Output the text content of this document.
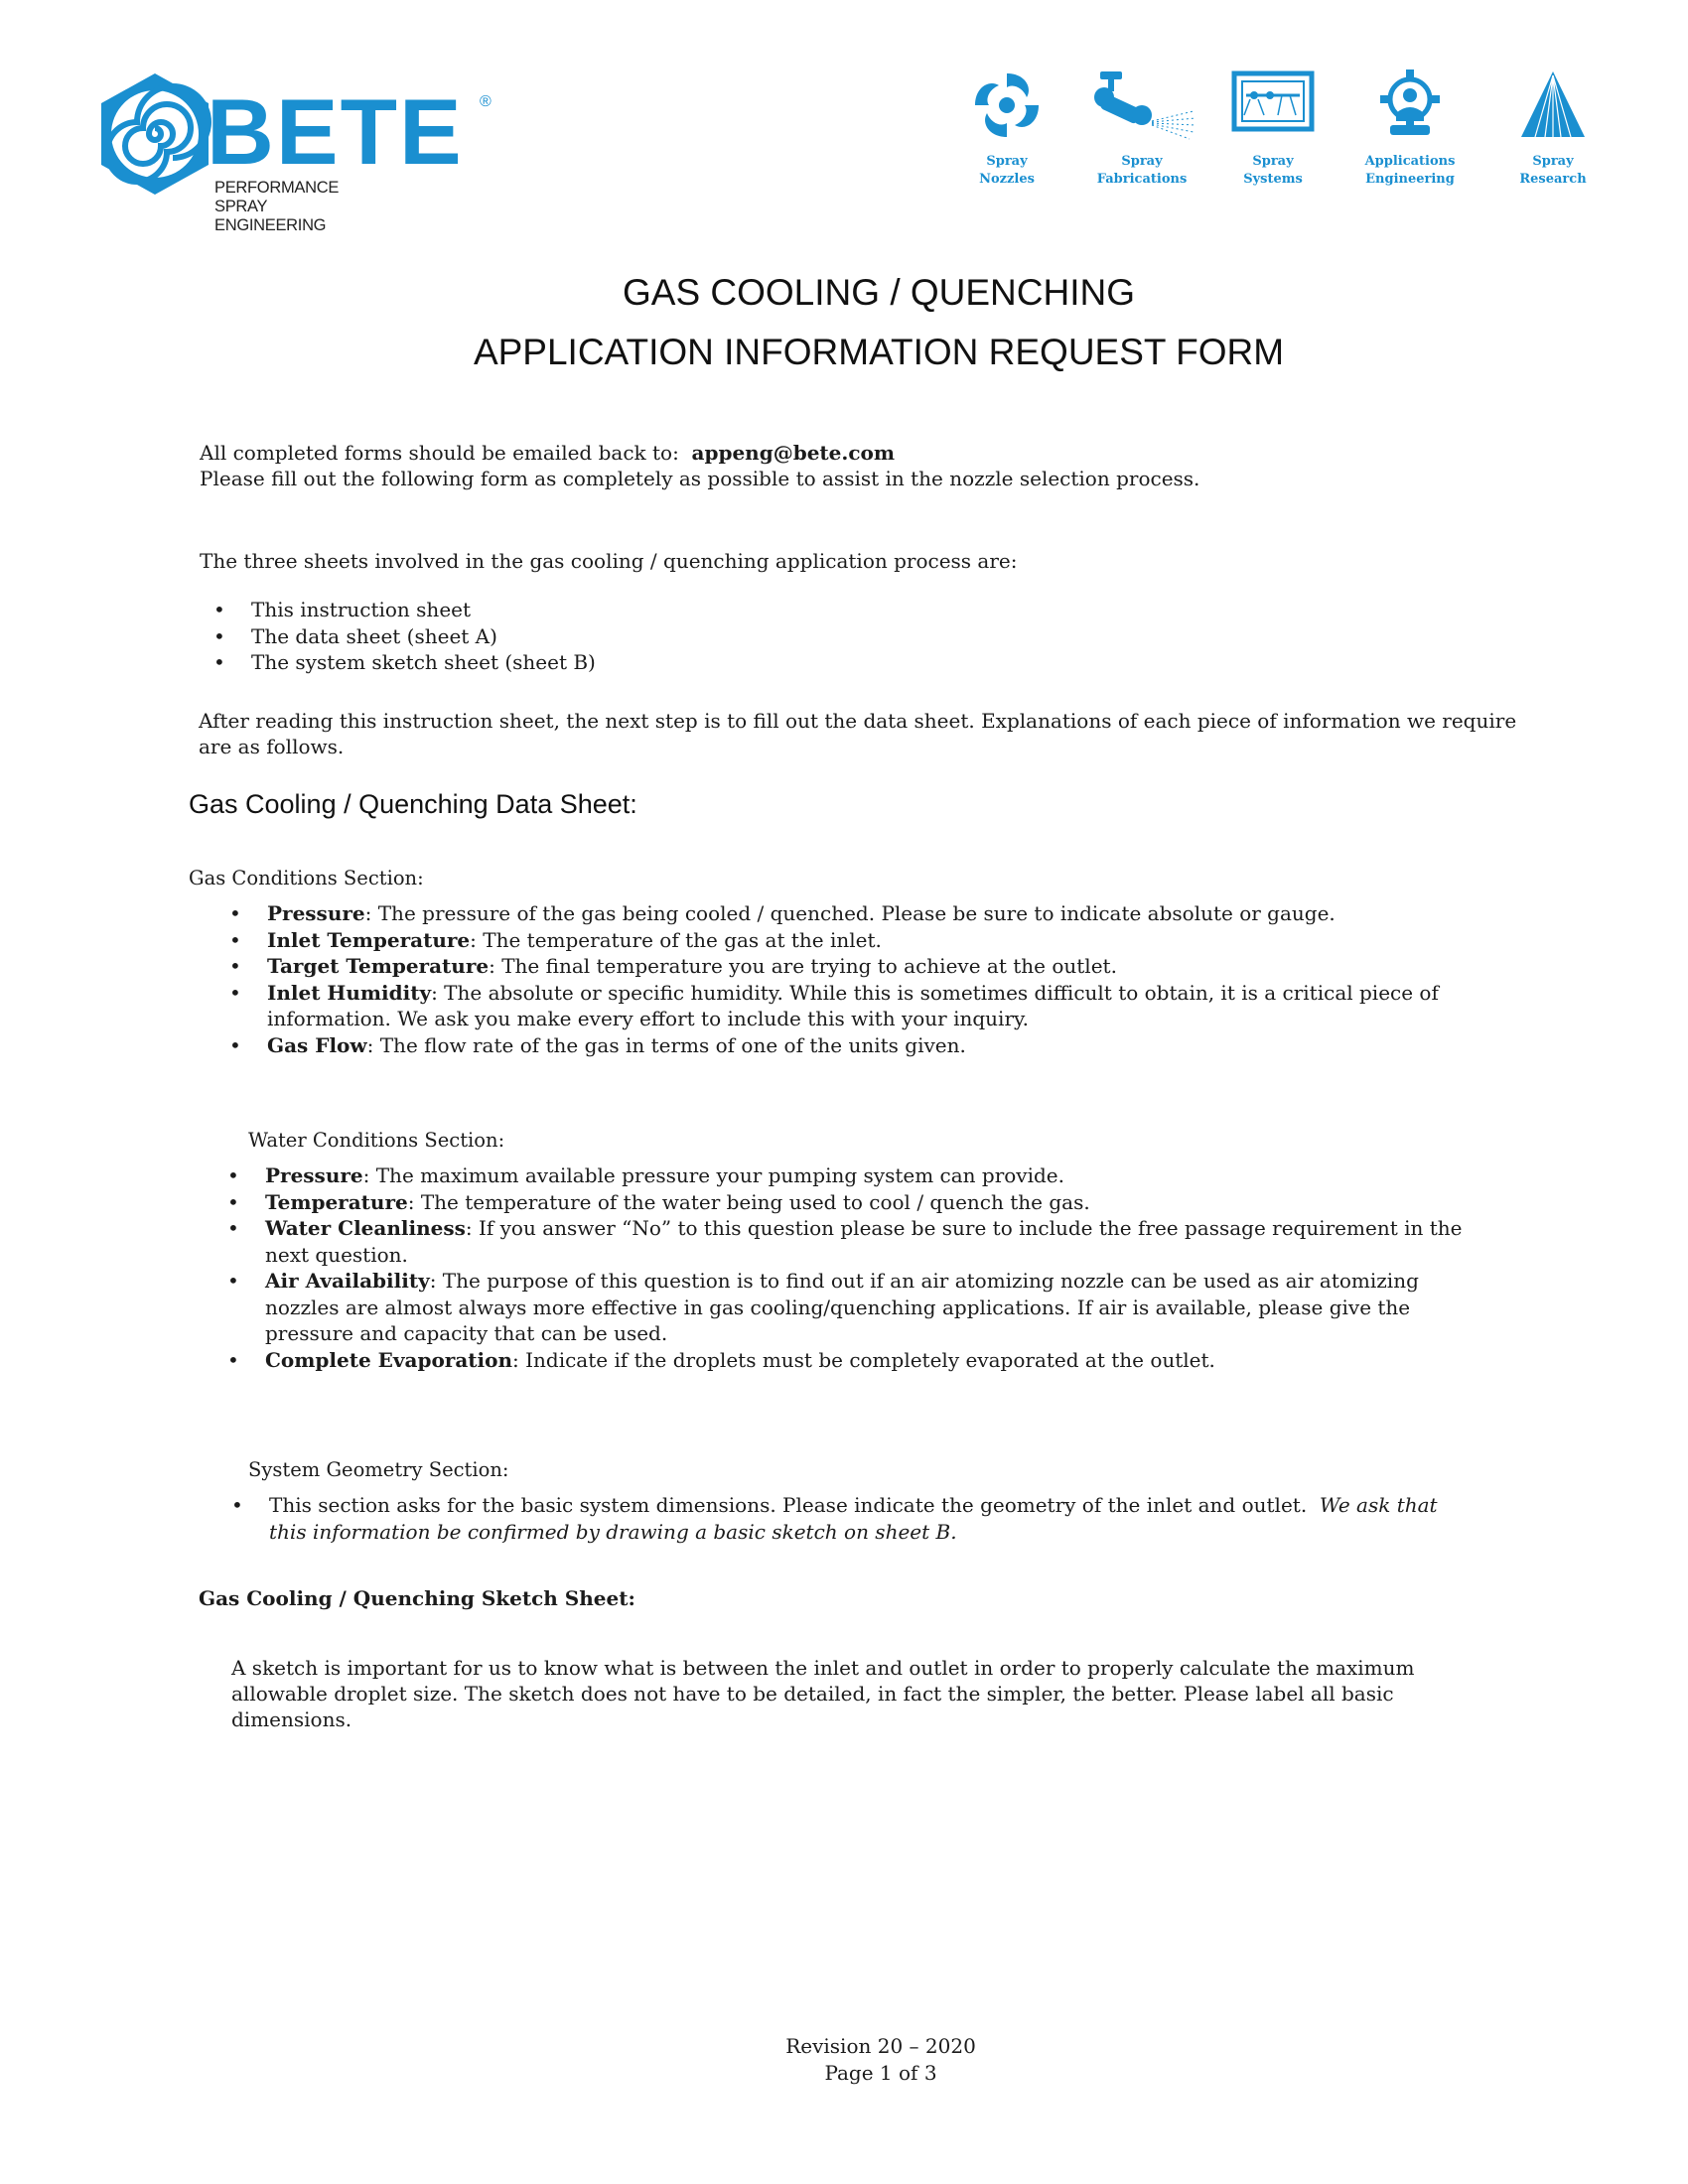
BETE ®
PERFORMANCE SPRAY ENGINEERING
Spray
Nozzles
Spray
Fabrications
Spray
Systems
Applications
Engineering
Spray
Research
GAS COOLING / QUENCHING
APPLICATION INFORMATION REQUEST FORM
All completed forms should be emailed back to: appeng@bete.com
Please fill out the following form as completely as possible to assist in the nozzle selection process.
The three sheets involved in the gas cooling / quenching application process are:
• This instruction sheet
• The data sheet (sheet A)
• The system sketch sheet (sheet B)
After reading this instruction sheet, the next step is to fill out the data sheet. Explanations of each piece of information we require are as follows.
Gas Cooling / Quenching Data Sheet:
Gas Conditions Section:
• Pressure: The pressure of the gas being cooled / quenched. Please be sure to indicate absolute or gauge.
• Inlet Temperature: The temperature of the gas at the inlet.
• Target Temperature: The final temperature you are trying to achieve at the outlet.
• Inlet Humidity: The absolute or specific humidity. While this is sometimes difficult to obtain, it is a critical piece of information. We ask you make every effort to include this with your inquiry.
• Gas Flow: The flow rate of the gas in terms of one of the units given.
Water Conditions Section:
• Pressure: The maximum available pressure your pumping system can provide.
• Temperature: The temperature of the water being used to cool / quench the gas.
• Water Cleanliness: If you answer “No” to this question please be sure to include the free passage requirement in the next question.
• Air Availability: The purpose of this question is to find out if an air atomizing nozzle can be used as air atomizing nozzles are almost always more effective in gas cooling/quenching applications. If air is available, please give the pressure and capacity that can be used.
• Complete Evaporation: Indicate if the droplets must be completely evaporated at the outlet.
System Geometry Section:
• This section asks for the basic system dimensions. Please indicate the geometry of the inlet and outlet. We ask that this information be confirmed by drawing a basic sketch on sheet B.
Gas Cooling / Quenching Sketch Sheet:
A sketch is important for us to know what is between the inlet and outlet in order to properly calculate the maximum allowable droplet size. The sketch does not have to be detailed, in fact the simpler, the better. Please label all basic dimensions.
Revision 20 – 2020
Page 1 of 3
